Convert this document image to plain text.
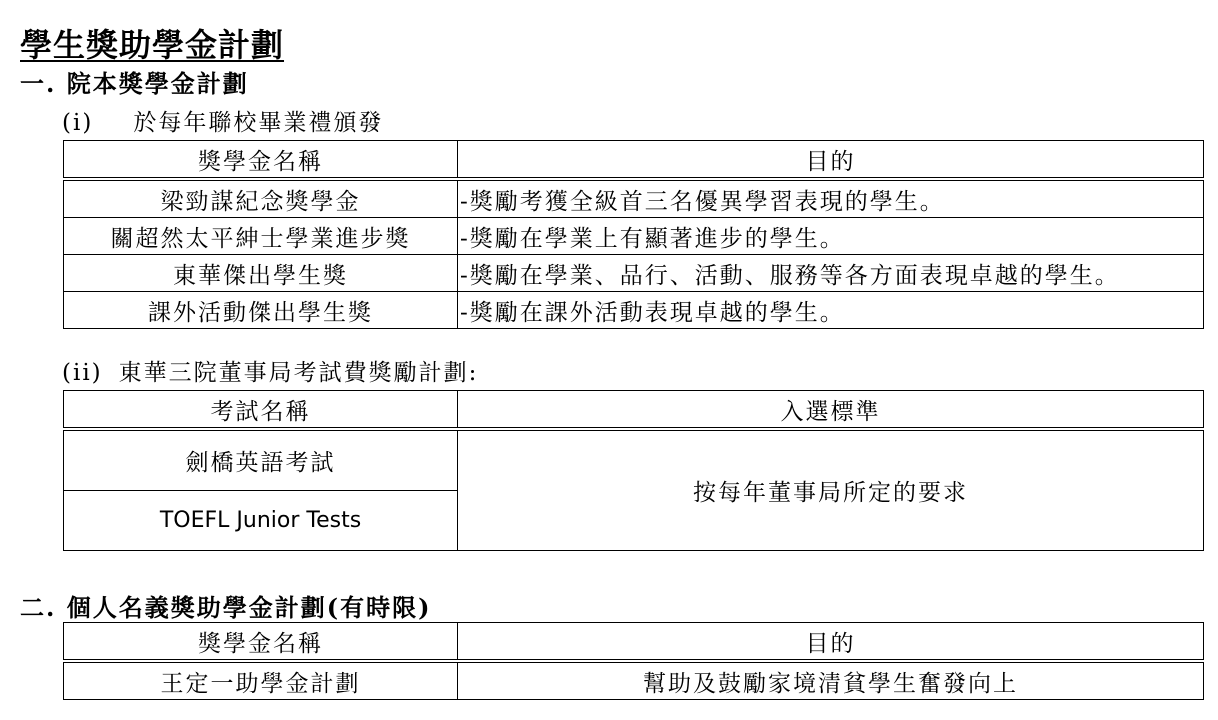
學生獎助學金計劃
一. 院本獎學金計劃
(i) 於每年聯校畢業禮頒發
獎學金名稱	目的
梁勁謀紀念獎學金	-獎勵考獲全級首三名優異學習表現的學生。
關超然太平紳士學業進步獎	-獎勵在學業上有顯著進步的學生。
東華傑出學生獎	-獎勵在學業、品行、活動、服務等各方面表現卓越的學生。
課外活動傑出學生獎	-獎勵在課外活動表現卓越的學生。
(ii) 東華三院董事局考試費獎勵計劃:
考試名稱	入選標準
劍橋英語考試	按每年董事局所定的要求
TOEFL Junior Tests	
二. 個人名義獎助學金計劃(有時限)
獎學金名稱	目的
王定一助學金計劃	幫助及鼓勵家境清貧學生奮發向上
